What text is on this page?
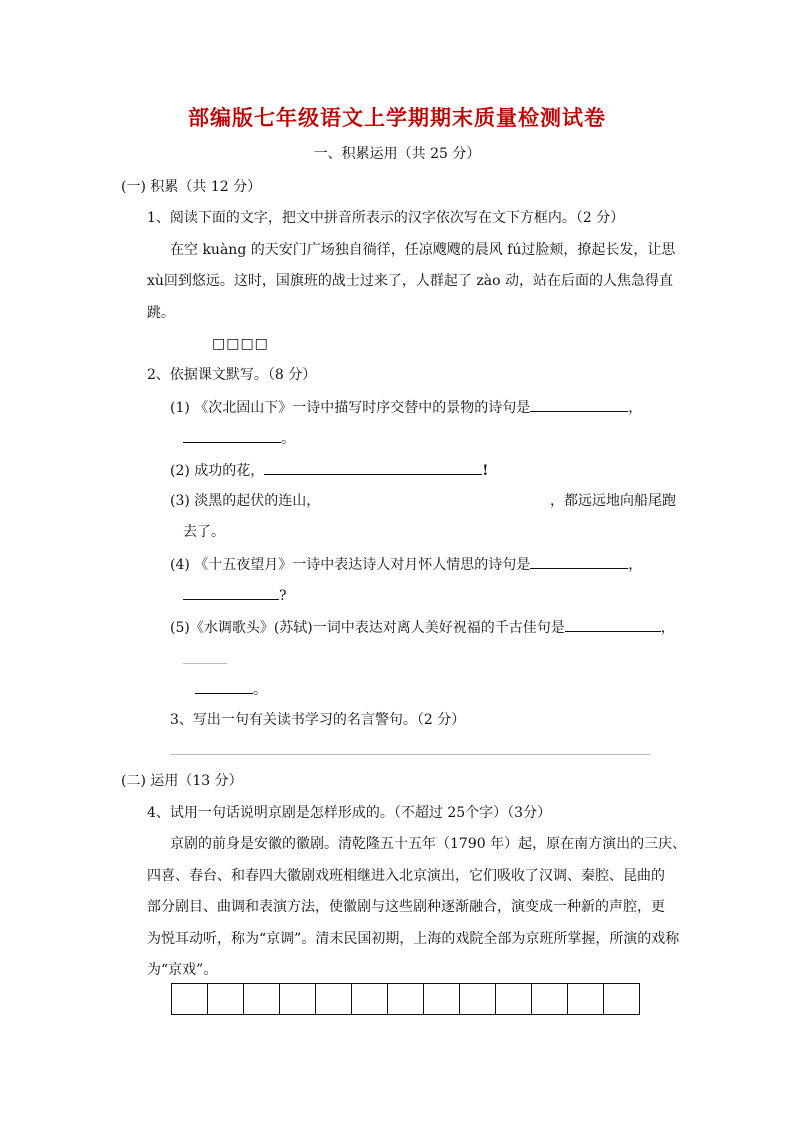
部编版七年级语文上学期期末质量检测试卷
一、积累运用（共 25 分）
(一) 积累（共 12 分）
1、阅读下面的文字，把文中拼音所表示的汉字依次写在文下方框内。（2 分）
在空 kuàng 的天安门广场独自徜徉，任凉飕飕的晨风 fú过脸颊，撩起长发，让思
xù回到悠远。这时，国旗班的战士过来了，人群起了 zào 动，站在后面的人焦急得直
跳。
□□□□
2、依据课文默写。（8 分）
(1) 《次北固山下》一诗中描写时序交替中的景物的诗句是	，
。
(2) 成功的花，	!
(3) 淡黑的起伏的连山，	，都远远地向船尾跑
去了。
(4) 《十五夜望月》一诗中表达诗人对月怀人情思的诗句是	，
?
(5)《水调歌头》(苏轼)一词中表达对离人美好祝福的千古佳句是	，
。
3、写出一句有关读书学习的名言警句。（2 分）
(二) 运用（13 分）
4、试用一句话说明京剧是怎样形成的。（不超过 25个字）（3分）
京剧的前身是安徽的徽剧。清乾隆五十五年（1790 年）起，原在南方演出的三庆、
四喜、春台、和春四大徽剧戏班相继进入北京演出，它们吸收了汉调、秦腔、昆曲的
部分剧目、曲调和表演方法，使徽剧与这些剧种逐渐融合，演变成一种新的声腔，更
为悦耳动听，称为“京调”。清末民国初期，上海的戏院全部为京班所掌握，所演的戏称
为“京戏”。
